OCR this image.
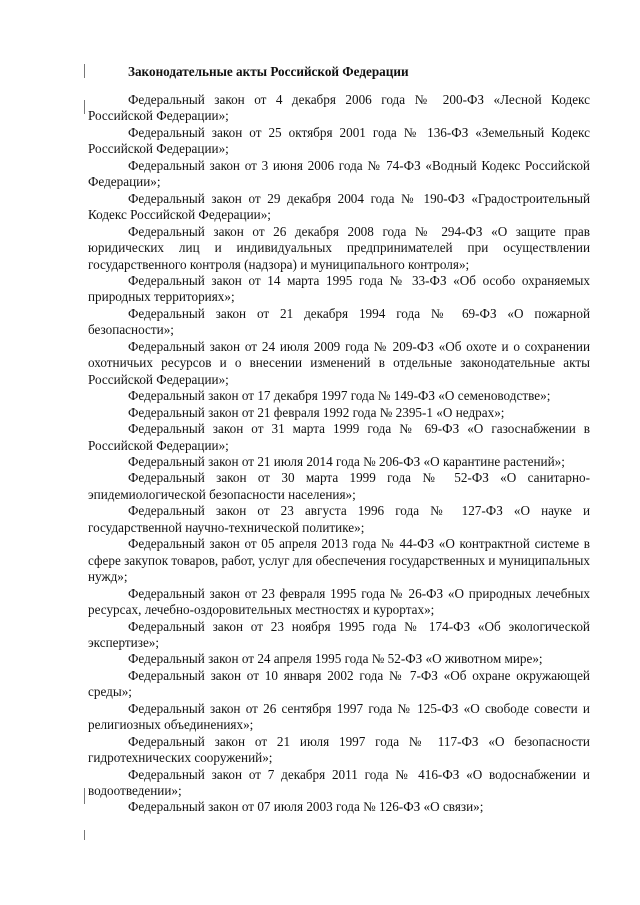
Законодательные акты Российской Федерации

Федеральный закон от 4 декабря 2006 года № 200-ФЗ «Лесной Кодекс Российской Федерации»;

Федеральный закон от 25 октября 2001 года № 136-ФЗ «Земельный Кодекс Российской Федерации»;

Федеральный закон от 3 июня 2006 года № 74-ФЗ «Водный Кодекс Российской Федерации»;

Федеральный закон от 29 декабря 2004 года № 190-ФЗ «Градостроительный Кодекс Российской Федерации»;

Федеральный закон от 26 декабря 2008 года № 294-ФЗ «О защите прав юридических лиц и индивидуальных предпринимателей при осуществлении государственного контроля (надзора) и муниципального контроля»;

Федеральный закон от 14 марта 1995 года № 33-ФЗ «Об особо охраняемых природных территориях»;

Федеральный закон от 21 декабря 1994 года № 69-ФЗ «О пожарной безопасности»;

Федеральный закон от 24 июля 2009 года № 209-ФЗ «Об охоте и о сохранении охотничьих ресурсов и о внесении изменений в отдельные законодательные акты Российской Федерации»;

Федеральный закон от 17 декабря 1997 года № 149-ФЗ «О семеноводстве»;

Федеральный закон от 21 февраля 1992 года № 2395-1 «О недрах»;

Федеральный закон от 31 марта 1999 года № 69-ФЗ «О газоснабжении в Российской Федерации»;

Федеральный закон от 21 июля 2014 года № 206-ФЗ «О карантине растений»;

Федеральный закон от 30 марта 1999 года № 52-ФЗ «О санитарно-эпидемиологической безопасности населения»;

Федеральный закон от 23 августа 1996 года № 127-ФЗ «О науке и государственной научно-технической политике»;

Федеральный закон от 05 апреля 2013 года № 44-ФЗ «О контрактной системе в сфере закупок товаров, работ, услуг для обеспечения государственных и муниципальных нужд»;

Федеральный закон от 23 февраля 1995 года № 26-ФЗ «О природных лечебных ресурсах, лечебно-оздоровительных местностях и курортах»;

Федеральный закон от 23 ноября 1995 года № 174-ФЗ «Об экологической экспертизе»;

Федеральный закон от 24 апреля 1995 года № 52-ФЗ «О животном мире»;

Федеральный закон от 10 января 2002 года № 7-ФЗ «Об охране окружающей среды»;

Федеральный закон от 26 сентября 1997 года № 125-ФЗ «О свободе совести и религиозных объединениях»;

Федеральный закон от 21 июля 1997 года № 117-ФЗ «О безопасности гидротехнических сооружений»;

Федеральный закон от 7 декабря 2011 года № 416-ФЗ «О водоснабжении и водоотведении»;

Федеральный закон от 07 июля 2003 года № 126-ФЗ «О связи»;
